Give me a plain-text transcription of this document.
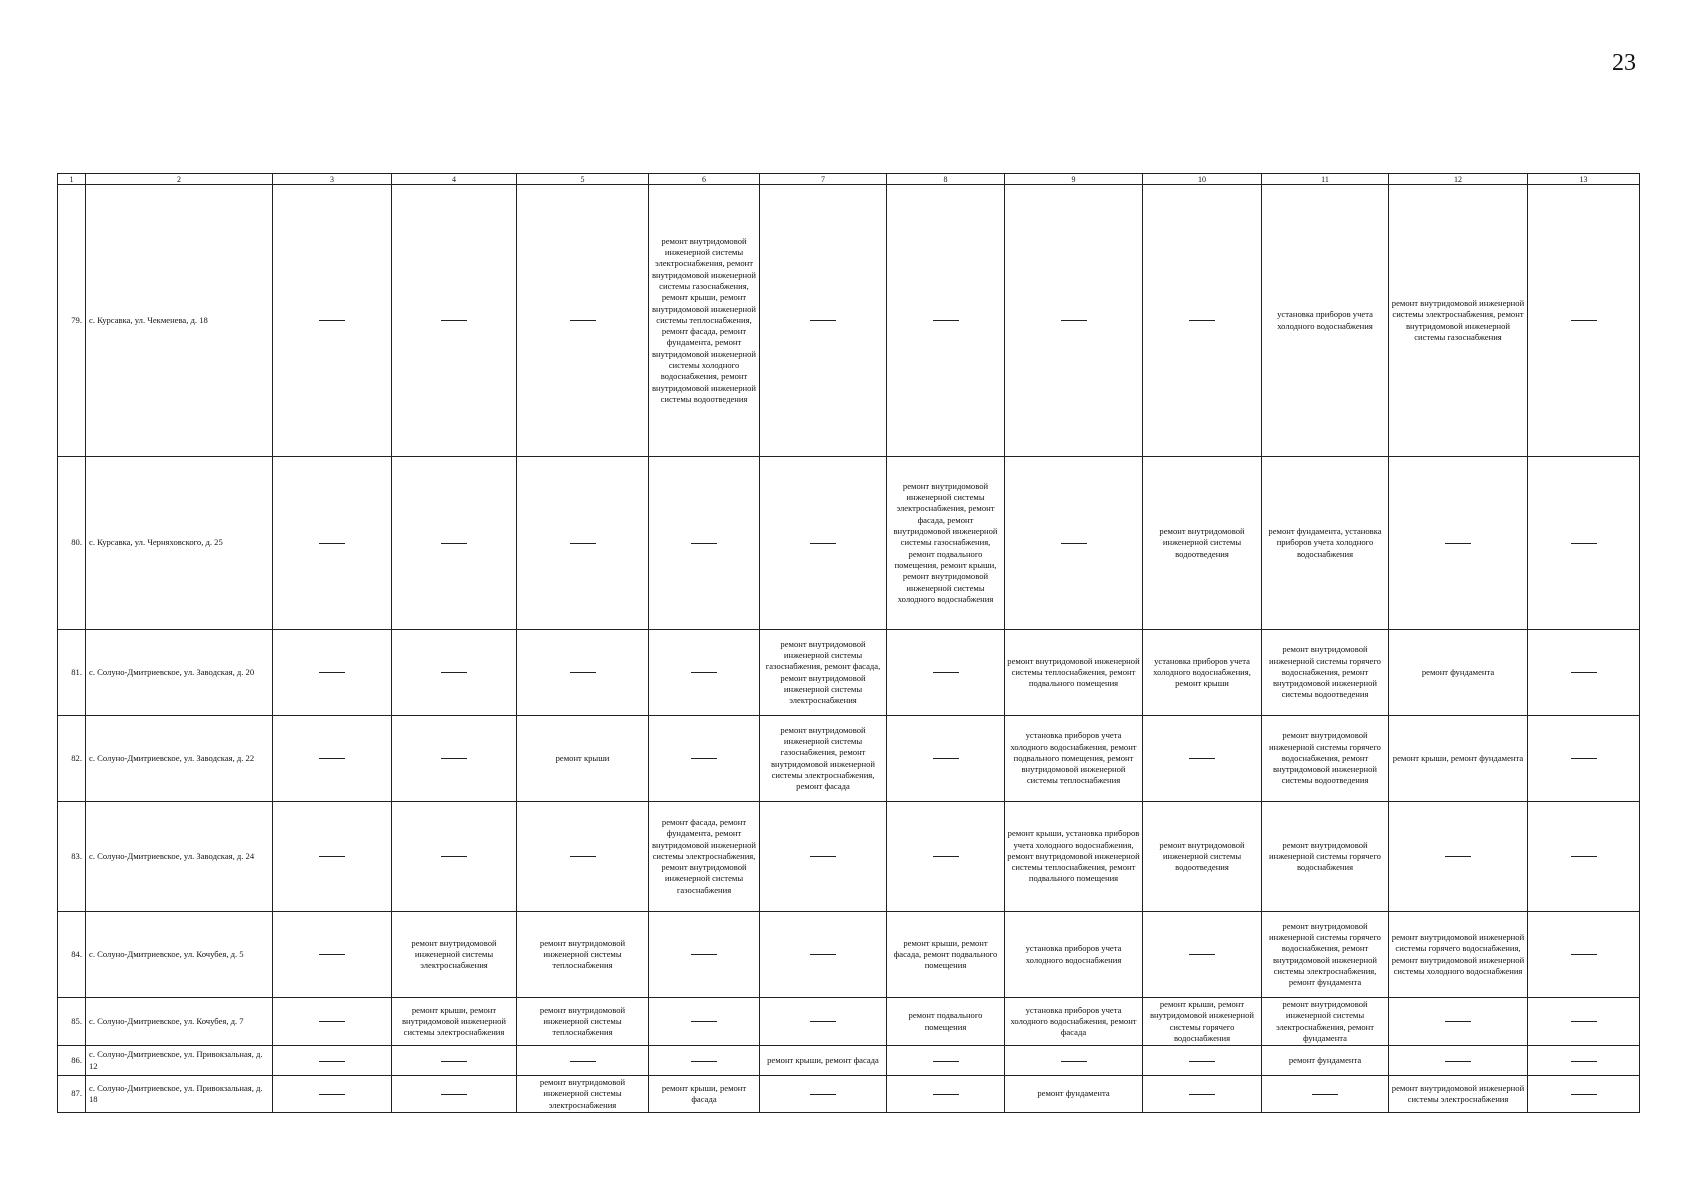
23
1	2	3	4	5	6	7	8	9	10	11	12	13
79.	с. Курсавка, ул. Чекменева, д. 18				ремонт внутридомовой инженерной системы электроснабжения, ремонт внутридомовой инженерной системы газоснабжения, ремонт крыши, ремонт внутридомовой инженерной системы теплоснабжения, ремонт фасада, ремонт фундамента, ремонт внутридомовой инженерной системы холодного водоснабжения, ремонт внутридомовой инженерной системы водоотведения					установка приборов учета холодного водоснабжения	ремонт внутридомовой инженерной системы электроснабжения, ремонт внутридомовой инженерной системы газоснабжения	

80.	с. Курсавка, ул. Черняховского, д. 25						ремонт внутридомовой инженерной системы электроснабжения, ремонт фасада, ремонт внутридомовой инженерной системы газоснабжения, ремонт подвального помещения, ремонт крыши, ремонт внутридомовой инженерной системы холодного водоснабжения		ремонт внутридомовой инженерной системы водоотведения	ремонт фундамента, установка приборов учета холодного водоснабжения		

81.	с. Солуно-Дмитриевское, ул. Заводская, д. 20					ремонт внутридомовой инженерной системы газоснабжения, ремонт фасада, ремонт внутридомовой инженерной системы электроснабжения		ремонт внутридомовой инженерной системы теплоснабжения, ремонт подвального помещения	установка приборов учета холодного водоснабжения, ремонт крыши	ремонт внутридомовой инженерной системы горячего водоснабжения, ремонт внутридомовой инженерной системы водоотведения	ремонт фундамента	

82.	с. Солуно-Дмитриевское, ул. Заводская, д. 22			ремонт крыши		ремонт внутридомовой инженерной системы газоснабжения, ремонт внутридомовой инженерной системы электроснабжения, ремонт фасада		установка приборов учета холодного водоснабжения, ремонт подвального помещения, ремонт внутридомовой инженерной системы теплоснабжения		ремонт внутридомовой инженерной системы горячего водоснабжения, ремонт внутридомовой инженерной системы водоотведения	ремонт крыши, ремонт фундамента	

83.	с. Солуно-Дмитриевское, ул. Заводская, д. 24				ремонт фасада, ремонт фундамента, ремонт внутридомовой инженерной системы электроснабжения, ремонт внутридомовой инженерной системы газоснабжения			ремонт крыши, установка приборов учета холодного водоснабжения, ремонт внутридомовой инженерной системы теплоснабжения, ремонт подвального помещения	ремонт внутридомовой инженерной системы водоотведения	ремонт внутридомовой инженерной системы горячего водоснабжения		

84.	с. Солуно-Дмитриевское, ул. Кочубея, д. 5		ремонт внутридомовой инженерной системы электроснабжения	ремонт внутридомовой инженерной системы теплоснабжения			ремонт крыши, ремонт фасада, ремонт подвального помещения	установка приборов учета холодного водоснабжения		ремонт внутридомовой инженерной системы горячего водоснабжения, ремонт внутридомовой инженерной системы электроснабжения, ремонт фундамента	ремонт внутридомовой инженерной системы горячего водоснабжения, ремонт внутридомовой инженерной системы холодного водоснабжения	

85.	с. Солуно-Дмитриевское, ул. Кочубея, д. 7		ремонт крыши, ремонт внутридомовой инженерной системы электроснабжения	ремонт внутридомовой инженерной системы теплоснабжения			ремонт подвального помещения	установка приборов учета холодного водоснабжения, ремонт фасада	ремонт крыши, ремонт внутридомовой инженерной системы горячего водоснабжения	ремонт внутридомовой инженерной системы электроснабжения, ремонт фундамента		

86.	с. Солуно-Дмитриевское, ул. Привокзальная, д. 12					ремонт крыши, ремонт фасада				ремонт фундамента		

87.	с. Солуно-Дмитриевское, ул. Привокзальная, д. 18			ремонт внутридомовой инженерной системы электроснабжения	ремонт крыши, ремонт фасада			ремонт фундамента			ремонт внутридомовой инженерной системы электроснабжения	
